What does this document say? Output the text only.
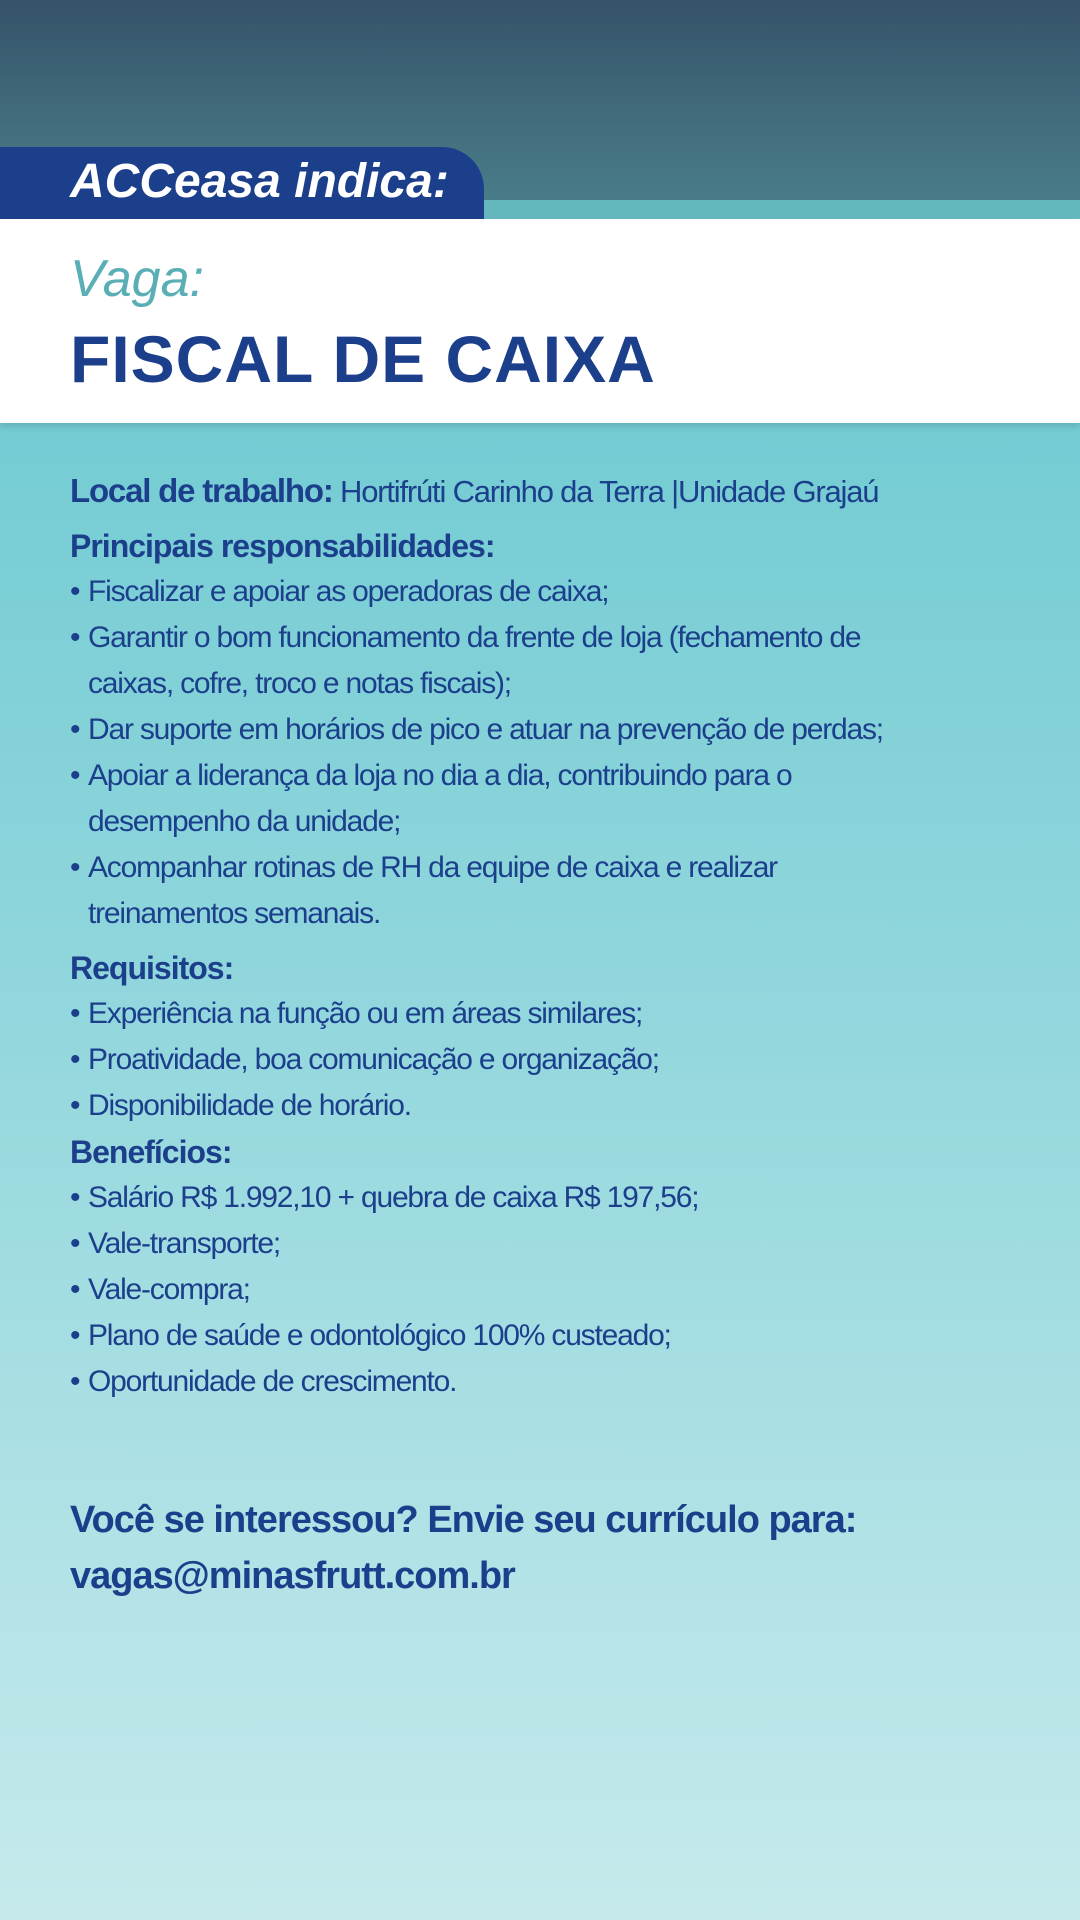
ACCeasa indica:
Vaga:
FISCAL DE CAIXA
Local de trabalho: Hortifrúti Carinho da Terra |Unidade Grajaú
Principais responsabilidades:
• Fiscalizar e apoiar as operadoras de caixa;
• Garantir o bom funcionamento da frente de loja (fechamento de
caixas, cofre, troco e notas fiscais);
• Dar suporte em horários de pico e atuar na prevenção de perdas;
• Apoiar a liderança da loja no dia a dia, contribuindo para o
desempenho da unidade;
• Acompanhar rotinas de RH da equipe de caixa e realizar
treinamentos semanais.
Requisitos:
• Experiência na função ou em áreas similares;
• Proatividade, boa comunicação e organização;
• Disponibilidade de horário.
Benefícios:
• Salário R$ 1.992,10 + quebra de caixa R$ 197,56;
• Vale-transporte;
• Vale-compra;
• Plano de saúde e odontológico 100% custeado;
• Oportunidade de crescimento.
Você se interessou? Envie seu currículo para:
vagas@minasfrutt.com.br
